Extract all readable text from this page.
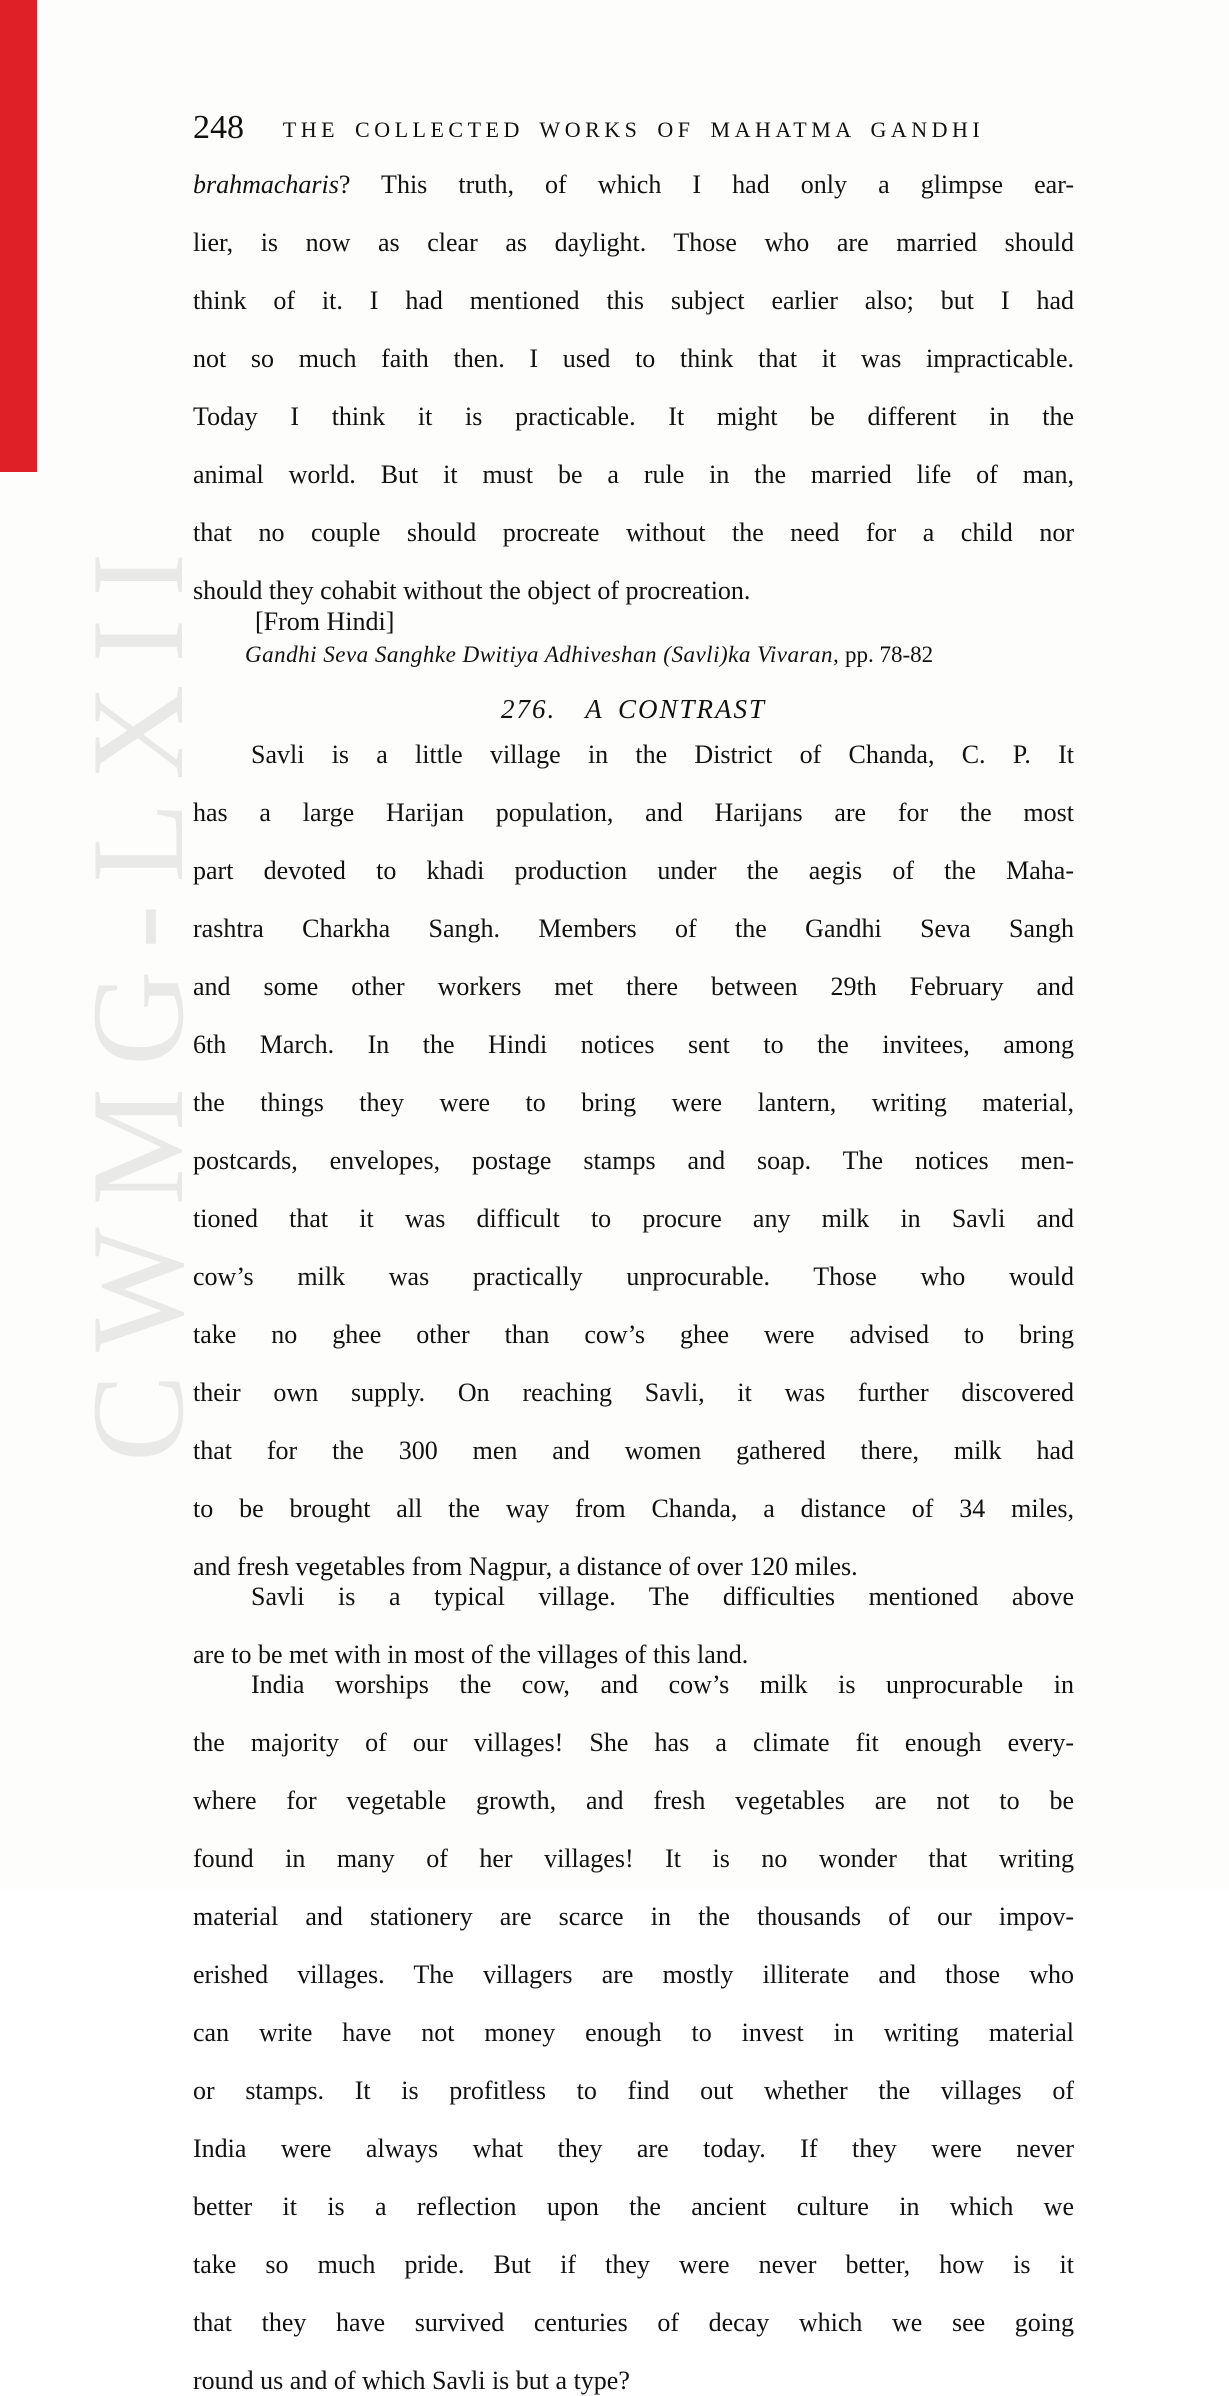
CWMG-LXII
248 THE COLLECTED WORKS OF MAHATMA GANDHI
brahmacharis? This truth, of which I had only a glimpse ear-
lier, is now as clear as daylight. Those who are married should
think of it. I had mentioned this subject earlier also; but I had
not so much faith then. I used to think that it was impracticable.
Today I think it is practicable. It might be different in the
animal world. But it must be a rule in the married life of man,
that no couple should procreate without the need for a child nor
should they cohabit without the object of procreation.
[From Hindi]
Gandhi Seva Sanghke Dwitiya Adhiveshan (Savli)ka Vivaran, pp. 78-82
276. A CONTRAST
Savli is a little village in the District of Chanda, C. P. It
has a large Harijan population, and Harijans are for the most
part devoted to khadi production under the aegis of the Maha-
rashtra Charkha Sangh. Members of the Gandhi Seva Sangh
and some other workers met there between 29th February and
6th March. In the Hindi notices sent to the invitees, among
the things they were to bring were lantern, writing material,
postcards, envelopes, postage stamps and soap. The notices men-
tioned that it was difficult to procure any milk in Savli and
cow’s milk was practically unprocurable. Those who would
take no ghee other than cow’s ghee were advised to bring
their own supply. On reaching Savli, it was further discovered
that for the 300 men and women gathered there, milk had
to be brought all the way from Chanda, a distance of 34 miles,
and fresh vegetables from Nagpur, a distance of over 120 miles.
Savli is a typical village. The difficulties mentioned above
are to be met with in most of the villages of this land.
India worships the cow, and cow’s milk is unprocurable in
the majority of our villages! She has a climate fit enough every-
where for vegetable growth, and fresh vegetables are not to be
found in many of her villages! It is no wonder that writing
material and stationery are scarce in the thousands of our impov-
erished villages. The villagers are mostly illiterate and those who
can write have not money enough to invest in writing material
or stamps. It is profitless to find out whether the villages of
India were always what they are today. If they were never
better it is a reflection upon the ancient culture in which we
take so much pride. But if they were never better, how is it
that they have survived centuries of decay which we see going
round us and of which Savli is but a type?
